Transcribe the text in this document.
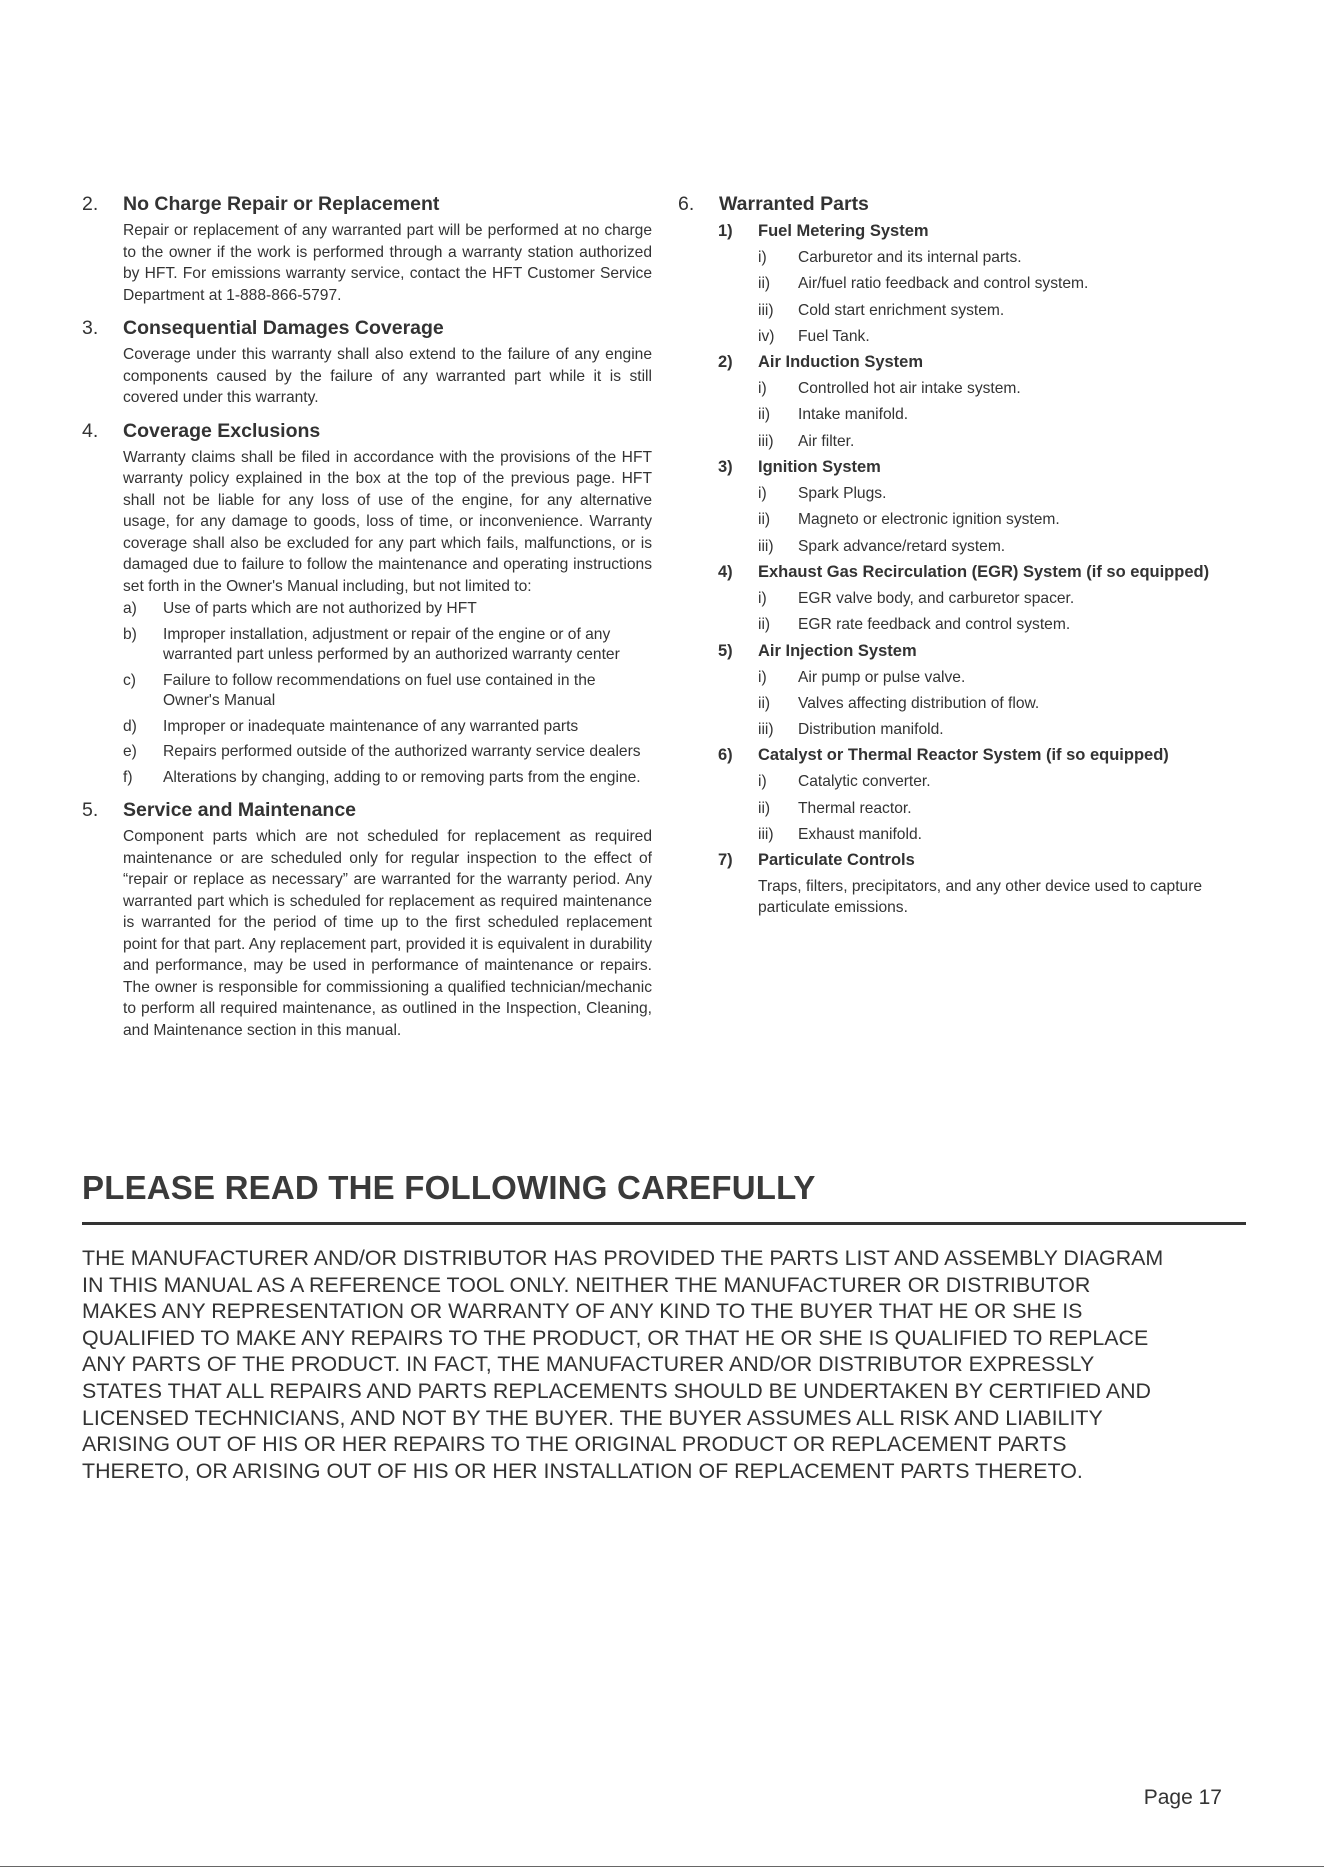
2.	No Charge Repair or Replacement
Repair or replacement of any warranted part will be performed at no charge to the owner if the work is performed through a warranty station authorized by HFT. For emissions warranty service, contact the HFT Customer Service Department at 1-888-866-5797.
3.	Consequential Damages Coverage
Coverage under this warranty shall also extend to the failure of any engine components caused by the failure of any warranted part while it is still covered under this warranty.
4.	Coverage Exclusions
Warranty claims shall be filed in accordance with the provisions of the HFT warranty policy explained in the box at the top of the previous page. HFT shall not be liable for any loss of use of the engine, for any alternative usage, for any damage to goods, loss of time, or inconvenience. Warranty coverage shall also be excluded for any part which fails, malfunctions, or is damaged due to failure to follow the maintenance and operating instructions set forth in the Owner's Manual including, but not limited to:
a)	Use of parts which are not authorized by HFT
b)	Improper installation, adjustment or repair of the engine or of any warranted part unless performed by an authorized warranty center
c)	Failure to follow recommendations on fuel use contained in the Owner's Manual
d)	Improper or inadequate maintenance of any warranted parts
e)	Repairs performed outside of the authorized warranty service dealers
f)	Alterations by changing, adding to or removing parts from the engine.
5.	Service and Maintenance
Component parts which are not scheduled for replacement as required maintenance or are scheduled only for regular inspection to the effect of “repair or replace as necessary” are warranted for the warranty period. Any warranted part which is scheduled for replacement as required maintenance is warranted for the period of time up to the first scheduled replacement point for that part. Any replacement part, provided it is equivalent in durability and performance, may be used in performance of maintenance or repairs. The owner is responsible for commissioning a qualified technician/mechanic to perform all required maintenance, as outlined in the Inspection, Cleaning, and Maintenance section in this manual.
6.	Warranted Parts
1)	Fuel Metering System
i)	Carburetor and its internal parts.
ii)	Air/fuel ratio feedback and control system.
iii)	Cold start enrichment system.
iv)	Fuel Tank.
2)	Air Induction System
i)	Controlled hot air intake system.
ii)	Intake manifold.
iii)	Air filter.
3)	Ignition System
i)	Spark Plugs.
ii)	Magneto or electronic ignition system.
iii)	Spark advance/retard system.
4)	Exhaust Gas Recirculation (EGR) System (if so equipped)
i)	EGR valve body, and carburetor spacer.
ii)	EGR rate feedback and control system.
5)	Air Injection System
i)	Air pump or pulse valve.
ii)	Valves affecting distribution of flow.
iii)	Distribution manifold.
6)	Catalyst or Thermal Reactor System (if so equipped)
i)	Catalytic converter.
ii)	Thermal reactor.
iii)	Exhaust manifold.
7)	Particulate Controls
Traps, filters, precipitators, and any other device used to capture particulate emissions.
PLEASE READ THE FOLLOWING CAREFULLY
THE MANUFACTURER AND/OR DISTRIBUTOR HAS PROVIDED THE PARTS LIST AND ASSEMBLY DIAGRAM
IN THIS MANUAL AS A REFERENCE TOOL ONLY. NEITHER THE MANUFACTURER OR DISTRIBUTOR
MAKES ANY REPRESENTATION OR WARRANTY OF ANY KIND TO THE BUYER THAT HE OR SHE IS
QUALIFIED TO MAKE ANY REPAIRS TO THE PRODUCT, OR THAT HE OR SHE IS QUALIFIED TO REPLACE
ANY PARTS OF THE PRODUCT. IN FACT, THE MANUFACTURER AND/OR DISTRIBUTOR EXPRESSLY
STATES THAT ALL REPAIRS AND PARTS REPLACEMENTS SHOULD BE UNDERTAKEN BY CERTIFIED AND
LICENSED TECHNICIANS, AND NOT BY THE BUYER. THE BUYER ASSUMES ALL RISK AND LIABILITY
ARISING OUT OF HIS OR HER REPAIRS TO THE ORIGINAL PRODUCT OR REPLACEMENT PARTS
THERETO, OR ARISING OUT OF HIS OR HER INSTALLATION OF REPLACEMENT PARTS THERETO.
Page 17
